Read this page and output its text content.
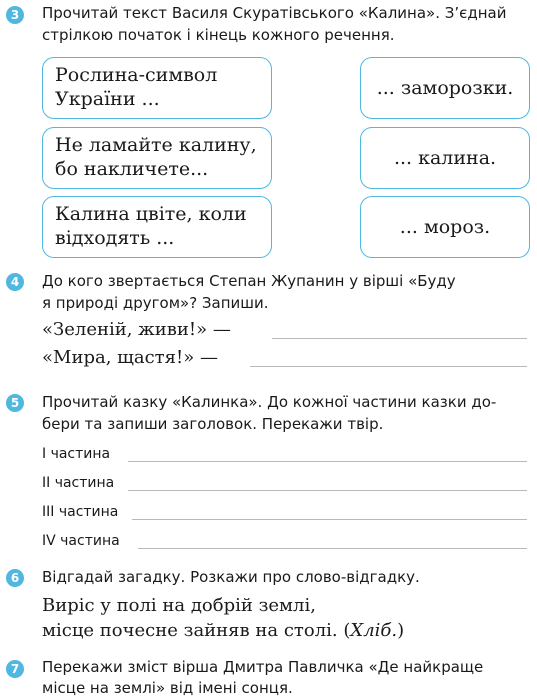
3 Прочитай текст Василя Скуратівського «Калина». З’єднай
стрілкою початок і кінець кожного речення.
Рослина-символ
України ...
Не ламайте калину,
бо накличете...
Калина цвіте, коли
відходять ...
... заморозки.
... калина.
... мороз.
4 До кого звертається Степан Жупанин у вірші «Буду
я природі другом»? Запиши.
«Зеленій, живи!» —
«Мира, щастя!» —
5 Прочитай казку «Калинка». До кожної частини казки до-
бери та запиши заголовок. Перекажи твір.
І частина
ІІ частина
ІІІ частина
ІV частина
6 Відгадай загадку. Розкажи про слово-відгадку.
Виріс у полі на добрій землі,
місце почесне зайняв на столі. (Хліб.)
7 Перекажи зміст вірша Дмитра Павличка «Де найкраще
місце на землі» від імені сонця.
